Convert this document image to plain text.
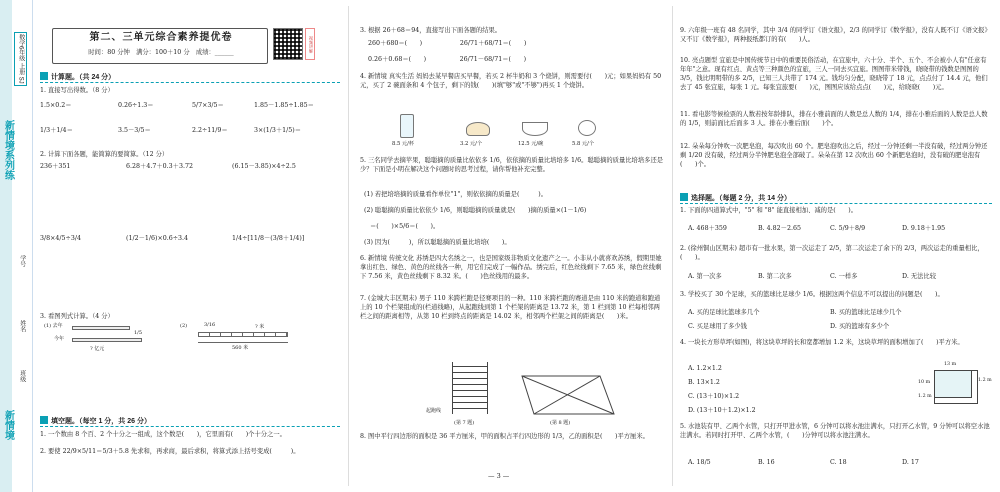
数学6年级 上册 SJ
新情境系列练
新情境
学号
姓名
班级
第二、三单元综合素养提优卷
时间：80 分钟　满分：100＋10 分　成绩：______
视频讲解
计算题。（共 24 分）
1. 直接写出得数。（8 分）
1.5×0.2＝	0.26÷1.3＝	5/7×3/5＝	1.85－1.85÷1.85＝
1/3＋1/4＝	3.5－3/5＝	2.2÷11/9＝	3×(1/3＋1/5)＝
2. 计算下面各题，能简算的要简算。（12 分）
236＋351	6.28＋4.7＋0.3＋3.72	(6.15－3.85)×4÷2.5
3/8×4/5÷3/4	(1/2－1/6)×0.6÷3.4	1/4÷[11/8－(3/8＋1/4)]
3. 看图列式计算。（4 分）
(1) 去年
今年
? 亿元
1/5
(2)	3/16	? 米
560 米
填空题。（每空 1 分，共 26 分）
1. 一个数由 8 个百、2 个十分之一组成，这个数是(　　)，它里面有(　　)个十分之一。
2. 要使 22/9×5/11＝5/3＋5.8 先求和，再求商，最后求积，将算式添上括号变成(　　　)。
3. 根据 26＋68＝94，直接写出下面各题的结果。
260＋680＝(　　)　　　　　　26/71＋68/71＝(　　)
0.26＋0.68＝(　　)　　　　　 26/71－68/71＝(　　)
4. 新情境 真实生活 妈妈去某早餐店买早餐，若买 2 杯牛奶和 3 个烧饼，则需要付(　　)元；如果妈妈有 50 元，买了 2 碗面条和 4 个包子，剩下的钱(　　)(填"够"或"不够")再买 1 个烧饼。
8.5 元/杯	3.2 元/个	12.5 元/碗	5.8 元/个
5. 三名同学去摘苹果，聪聪摘的质量比依依多 1/6，依依摘的质量比培培多 1/6。聪聪摘的质量比培培多还是少？下面是小明在解决这个问题时的思考过程，请你帮他补充完整。
(1) 若把培培摘的质量看作单位"1"，则依依摘的质量是(　　　)。
(2) 聪聪摘的质量比依依少 1/6，则聪聪摘的质量就是(　　)摘的质量×(1－1/6)
＝(　　)×5/6＝(　　)。
(3) 因为(　　　)，所以聪聪摘的质量比培培(　　)。
6. 新情境 传统文化 苏绣是四大名绣之一，也是国家级非物质文化遗产之一。小非从小就喜欢苏绣，假期里她拿出红色、绿色、黄色的丝线各一种，用它们完成了一幅作品。绣完后，红色丝线剩下 7.65 米，绿色丝线剩下 7.56 米，黄色丝线剩下 8.32 米。(　　)色丝线用的最多。
7. (金城大丰区期末) 男子 110 米跨栏跑是径赛项目的一种。110 米跨栏跑的赛道是由 110 米的跑道和跑道上的 10 个栏架组成的(栏道线略)，从起跑线到第 1 个栏架的距离是 13.72 米，第 1 栏到第 10 栏每相邻两栏之间的距离相等，从第 10 栏到终点的距离是 14.02 米，相邻两个栏架之间的距离是(　　)米。
起跑线
(第 7 题)	(第 8 题)
8. 图中平行四边形的面积是 36 平方厘米，甲的面积占平行四边形的 1/3，乙的面积是(　　)平方厘米。
— 3 —
9. 六年级一班有 48 名同学，其中 3/4 的同学订《语文报》，2/3 的同学订《数学报》，没有人既不订《语文报》又不订《数学报》，两种报纸都订的有(　　)人。
10. 亮点题型 宜旅是中国传统节日中的重要民俗活动，在宜旅中，六十分、半个、五个、不会被小人有"任意有年年"之意。现有红点、黄点等三种颜色的宜旅，三人一同去买宜旅。图图带米带钱，晓晓带的钱数是图图的 3/5，钱比明明带的多 2/5，已知三人共带了 174 元。钱均匀分配，晓晓带了 18 元，点点付了 14.4 元，他们去了 45 张宜旅，每张 1 元。每张宜旅要(　　)元，图图应该给点点(　　)元，给晓晓(　　)元。
11. 看电影等候检票的人数若按年龄排队，排在小雅前面的人数是总人数的 1/4，排在小雅后面的人数是总人数的 1/5，则前面比后面多 3 人。排在小雅后面(　　)个。
12. 朵朵每分钟吹一次肥皂泡，每次吹出 60 个。肥皂泡吹出之后，经过一分钟还剩一半没有破，经过两分钟还剩 1/20 没有破，经过两分半钟肥皂泡全部破了。朵朵在第 12 次吹出 60 个新肥皂泡时，没有破的肥皂泡有(　　)个。
选择题。（每题 2 分，共 14 分）
1. 下面的四道算式中，"5" 和 "8" 能直接相加、减的是(　　)。
A. 468＋359	B. 4.82－2.65	C. 5/9＋8/9	D. 9.18＋1.95
2. (徐州铜山区期末) 超市有一批水果，第一次运走了 2/5，第二次运走了余下的 2/3，两次运走的重量相比，(　　)。
A. 第一次多	B. 第二次多	C. 一样多	D. 无法比较
3. 学校买了 30 个足球，买的篮球比足球少 1/6。根据这两个信息不可以提出的问题是(　　)。
A. 买的足球比篮球多几个	B. 买的篮球比足球少几个
C. 买足球用了多少钱	D. 买的篮球有多少个
4. 一块长方形草坪(如图)，将这块草坪的长和宽都增加 1.2 米，这块草坪的面积增加了(　　)平方米。
A. 1.2×1.2
B. 13×1.2
C. (13＋10)×1.2
D. (13＋10＋1.2)×1.2
13 m
1.2 m
10 m
1.2 m
5. 水池装有甲、乙两个水管，只打开甲进水管，6 分钟可以将水池注满水，只打开乙水管，9 分钟可以将空水池注满水。若同时打开甲、乙两个水管，(　　)分钟可以将水池注满水。
A. 18/5	B. 16	C. 18	D. 17
